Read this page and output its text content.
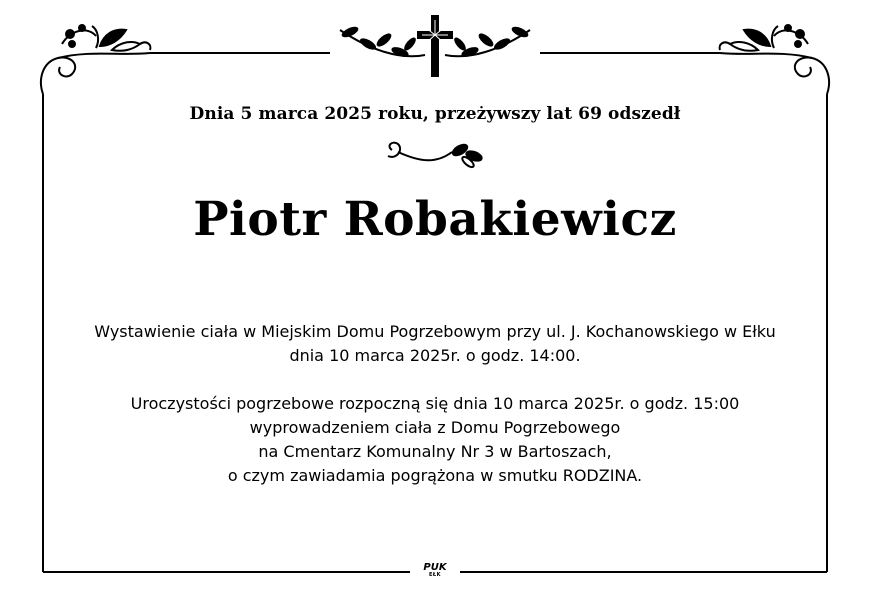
Dnia 5 marca 2025 roku, przeżywszy lat 69 odszedł
Piotr Robakiewicz
Wystawienie ciała w Miejskim Domu Pogrzebowym przy ul. J. Kochanowskiego w Ełku
dnia 10 marca 2025r. o godz. 14:00.
Uroczystości pogrzebowe rozpoczną się dnia 10 marca 2025r. o godz. 15:00
wyprowadzeniem ciała z Domu Pogrzebowego
na Cmentarz Komunalny Nr 3 w Bartoszach,
o czym zawiadamia pogrążona w smutku RODZINA.
PUK
EŁK
